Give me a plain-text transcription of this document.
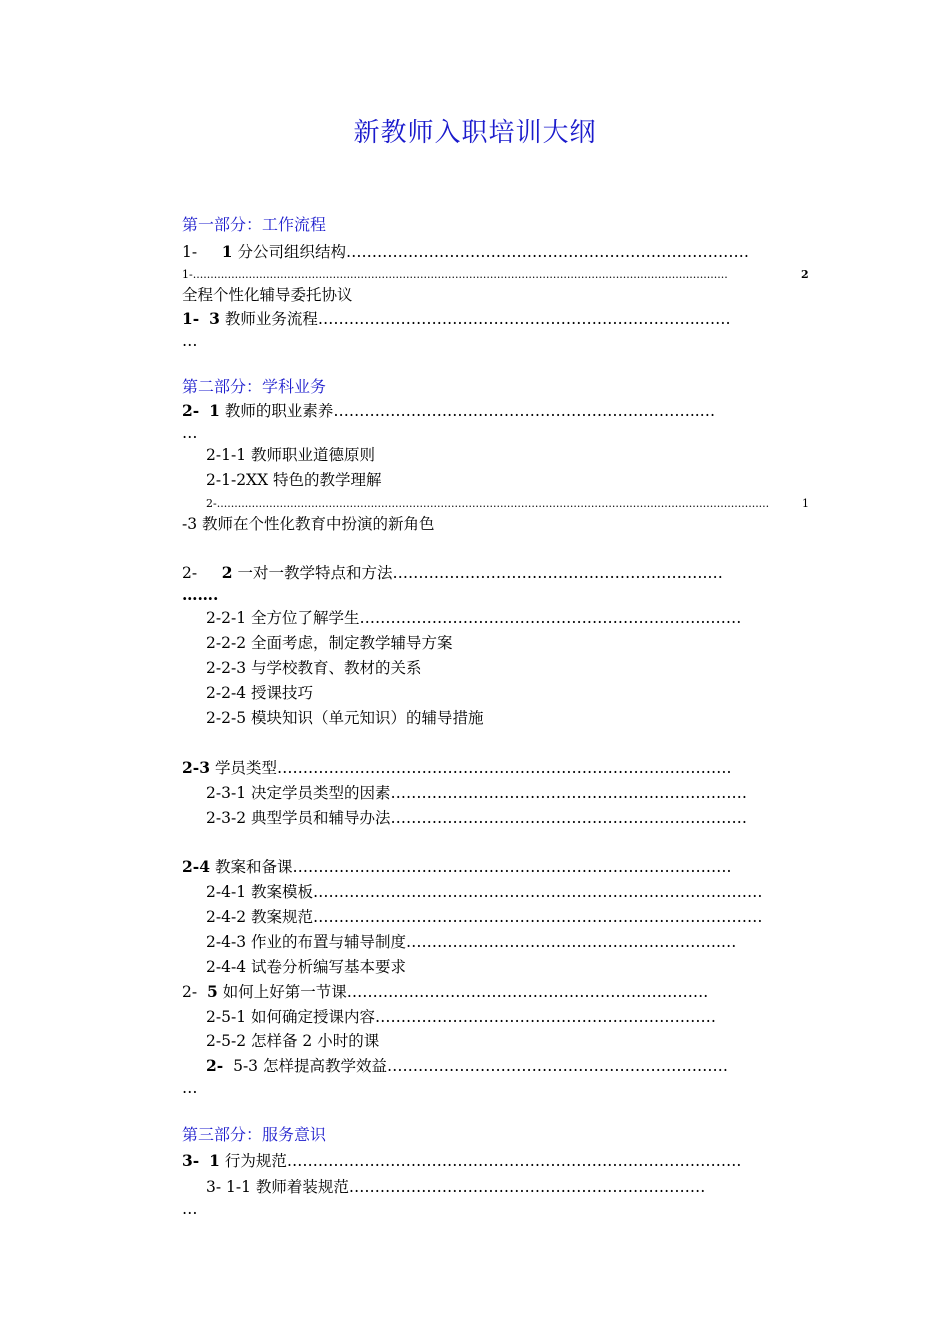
新教师入职培训大纲
第一部分：工作流程
1- 1 分公司组织结构……………………………………………………………………
1-.........................................................................................................................................................	2
全程个性化辅导委托协议
1- 3 教师业务流程………………………………………………………………..……
…
第二部分：学科业务
2- 1 教师的职业素养……………………………………………………………..…
…
2-1-1 教师职业道德原则
2-1-2XX 特色的教学理解
2-..............................................................................................................................................................	1
-3 教师在个性化教育中扮演的新角色
2- 2 一对一教学特点和方法…………………………………………………….…
…….
2-2-1 全方位了解学生…………………………………………………………..……
2-2-2 全面考虑，制定教学辅导方案
2-2-3 与学校教育、教材的关系
2-2-4 授课技巧
2-2-5 模块知识（单元知识）的辅导措施
2-3 学员类型…………………………………………………………………………….
2-3-1 决定学员类型的因素……………………………………………………………
2-3-2 典型学员和辅导办法……………………………………………………………
2-4 教案和备课………………………………………………………………………….
2-4-1 教案模板……………………………………………………………………………
2-4-2 教案规范……………………………………………………………………………
2-4-3 作业的布置与辅导制度…………………………………………………….…
2-4-4 试卷分析编写基本要求
2- 5 如何上好第一节课…………………………………………………………….
2-5-1 如何确定授课内容…………………………………………………………
2-5-2 怎样备 2 小时的课
2- 5-3 怎样提高教学效益…………………………………………………………
…
第三部分：服务意识
3- 1 行为规范…………………………………………………………………………….
3- 1-1 教师着装规范……………………………………………………………
…
